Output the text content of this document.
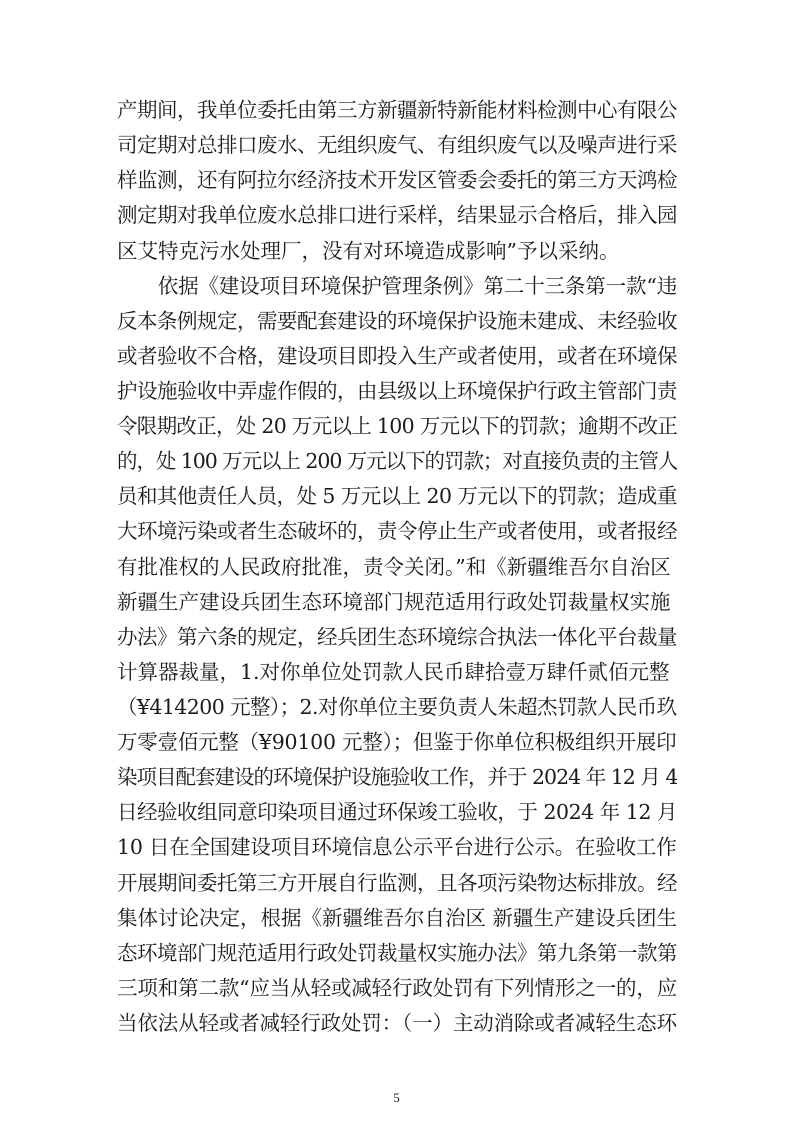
产期间，我单位委托由第三方新疆新特新能材料检测中心有限公
司定期对总排口废水、无组织废气、有组织废气以及噪声进行采
样监测，还有阿拉尔经济技术开发区管委会委托的第三方天鸿检
测定期对我单位废水总排口进行采样，结果显示合格后，排入园
区艾特克污水处理厂，没有对环境造成影响”予以采纳。
　　依据《建设项目环境保护管理条例》第二十三条第一款“违
反本条例规定，需要配套建设的环境保护设施未建成、未经验收
或者验收不合格，建设项目即投入生产或者使用，或者在环境保
护设施验收中弄虚作假的，由县级以上环境保护行政主管部门责
令限期改正，处 20 万元以上 100 万元以下的罚款；逾期不改正
的，处 100 万元以上 200 万元以下的罚款；对直接负责的主管人
员和其他责任人员，处 5 万元以上 20 万元以下的罚款；造成重
大环境污染或者生态破坏的，责令停止生产或者使用，或者报经
有批准权的人民政府批准，责令关闭。”和《新疆维吾尔自治区
新疆生产建设兵团生态环境部门规范适用行政处罚裁量权实施
办法》第六条的规定，经兵团生态环境综合执法一体化平台裁量
计算器裁量，1.对你单位处罚款人民币肆拾壹万肆仟贰佰元整
（¥414200 元整）；2.对你单位主要负责人朱超杰罚款人民币玖
万零壹佰元整（¥90100 元整）；但鉴于你单位积极组织开展印
染项目配套建设的环境保护设施验收工作，并于 2024 年 12 月 4
日经验收组同意印染项目通过环保竣工验收，于 2024 年 12 月
10 日在全国建设项目环境信息公示平台进行公示。在验收工作
开展期间委托第三方开展自行监测，且各项污染物达标排放。经
集体讨论决定，根据《新疆维吾尔自治区 新疆生产建设兵团生
态环境部门规范适用行政处罚裁量权实施办法》第九条第一款第
三项和第二款“应当从轻或减轻行政处罚有下列情形之一的，应
当依法从轻或者减轻行政处罚：（一）主动消除或者减轻生态环
5
